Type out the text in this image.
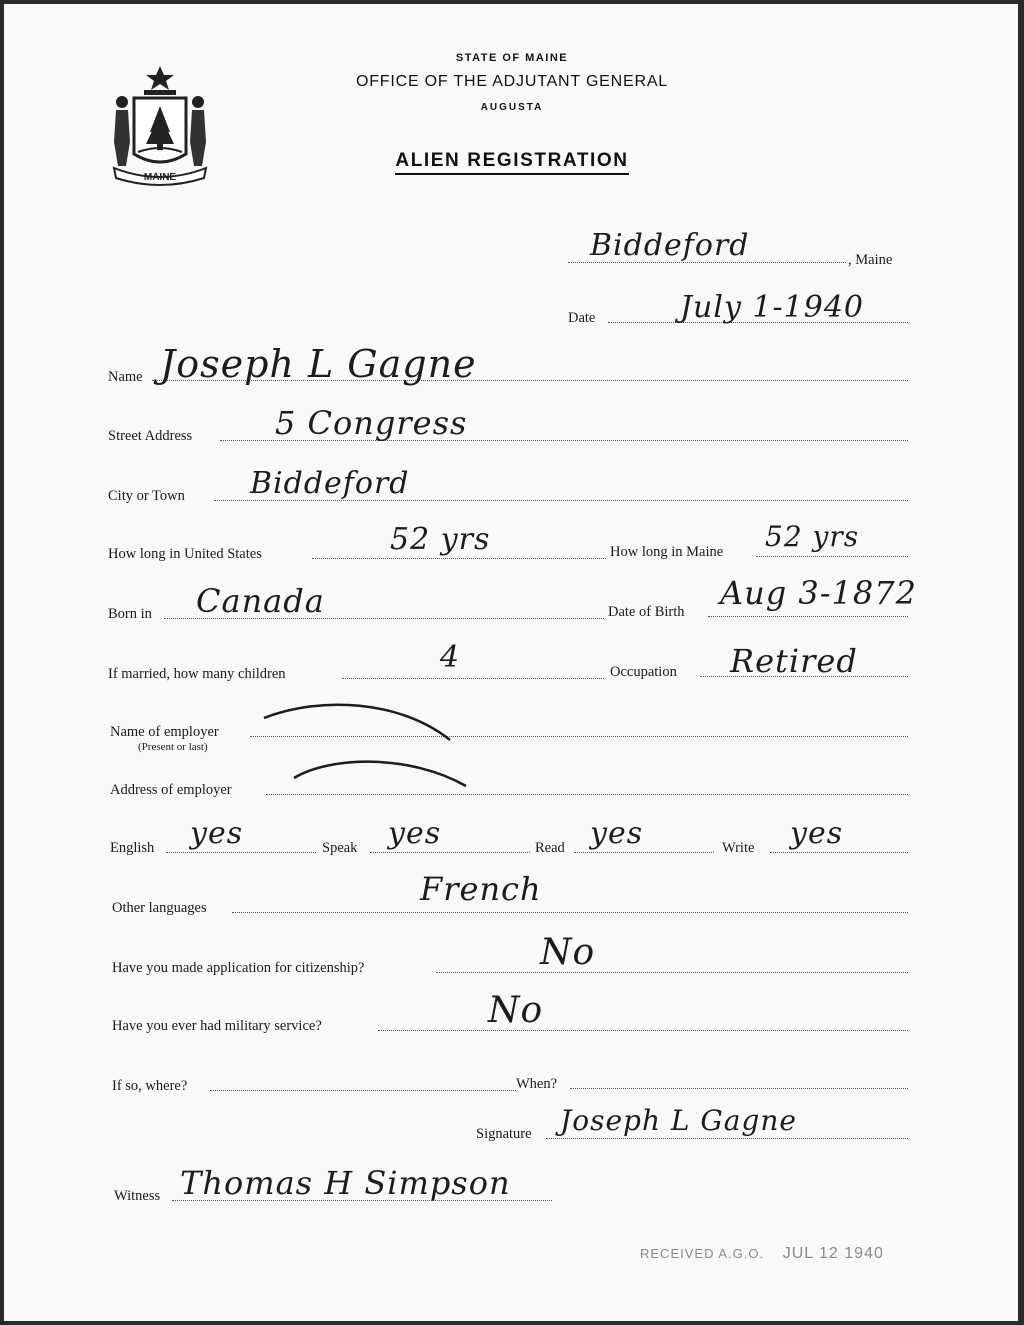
MAINE
STATE OF MAINE
OFFICE OF THE ADJUTANT GENERAL
AUGUSTA
ALIEN REGISTRATION
Biddeford	, Maine
Date	July 1-1940
Name Joseph L Gagne
Street Address	5 Congress
City or Town Biddeford
How long in United States	52 yrs	How long in Maine 52 yrs
Born in Canada	Date of Birth Aug 3-1872
If married, how many children	4	Occupation Retired
Name of employer
(Present or last)
Address of employer
English yes	Speak yes	Read yes	Write yes
Other languages	French
Have you made application for citizenship?	No
Have you ever had military service?	No
If so, where?	When?
Signature Joseph L Gagne
Witness Thomas H Simpson
RECEIVED A.G.O. JUL 12 1940
